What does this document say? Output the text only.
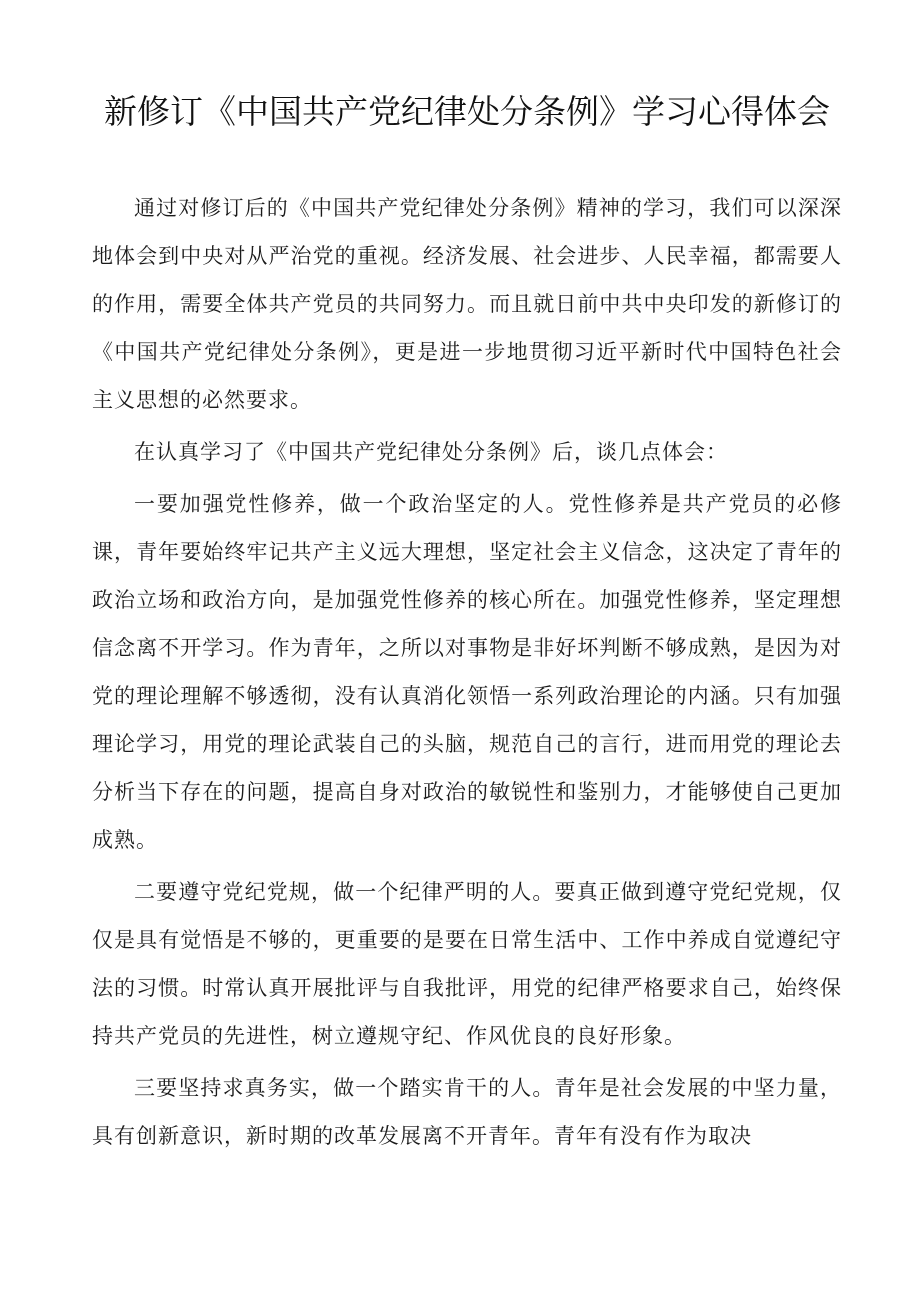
新修订《中国共产党纪律处分条例》学习心得体会

通过对修订后的《中国共产党纪律处分条例》精神的学习，我们可以深深地体会到中央对从严治党的重视。经济发展、社会进步、人民幸福，都需要人的作用，需要全体共产党员的共同努力。而且就日前中共中央印发的新修订的《中国共产党纪律处分条例》，更是进一步地贯彻习近平新时代中国特色社会主义思想的必然要求。

在认真学习了《中国共产党纪律处分条例》后，谈几点体会：

一要加强党性修养，做一个政治坚定的人。党性修养是共产党员的必修课，青年要始终牢记共产主义远大理想，坚定社会主义信念，这决定了青年的政治立场和政治方向，是加强党性修养的核心所在。加强党性修养，坚定理想信念离不开学习。作为青年，之所以对事物是非好坏判断不够成熟，是因为对党的理论理解不够透彻，没有认真消化领悟一系列政治理论的内涵。只有加强理论学习，用党的理论武装自己的头脑，规范自己的言行，进而用党的理论去分析当下存在的问题，提高自身对政治的敏锐性和鉴别力，才能够使自己更加成熟。

二要遵守党纪党规，做一个纪律严明的人。要真正做到遵守党纪党规，仅仅是具有觉悟是不够的，更重要的是要在日常生活中、工作中养成自觉遵纪守法的习惯。时常认真开展批评与自我批评，用党的纪律严格要求自己，始终保持共产党员的先进性，树立遵规守纪、作风优良的良好形象。

三要坚持求真务实，做一个踏实肯干的人。青年是社会发展的中坚力量，具有创新意识，新时期的改革发展离不开青年。青年有没有作为取决
